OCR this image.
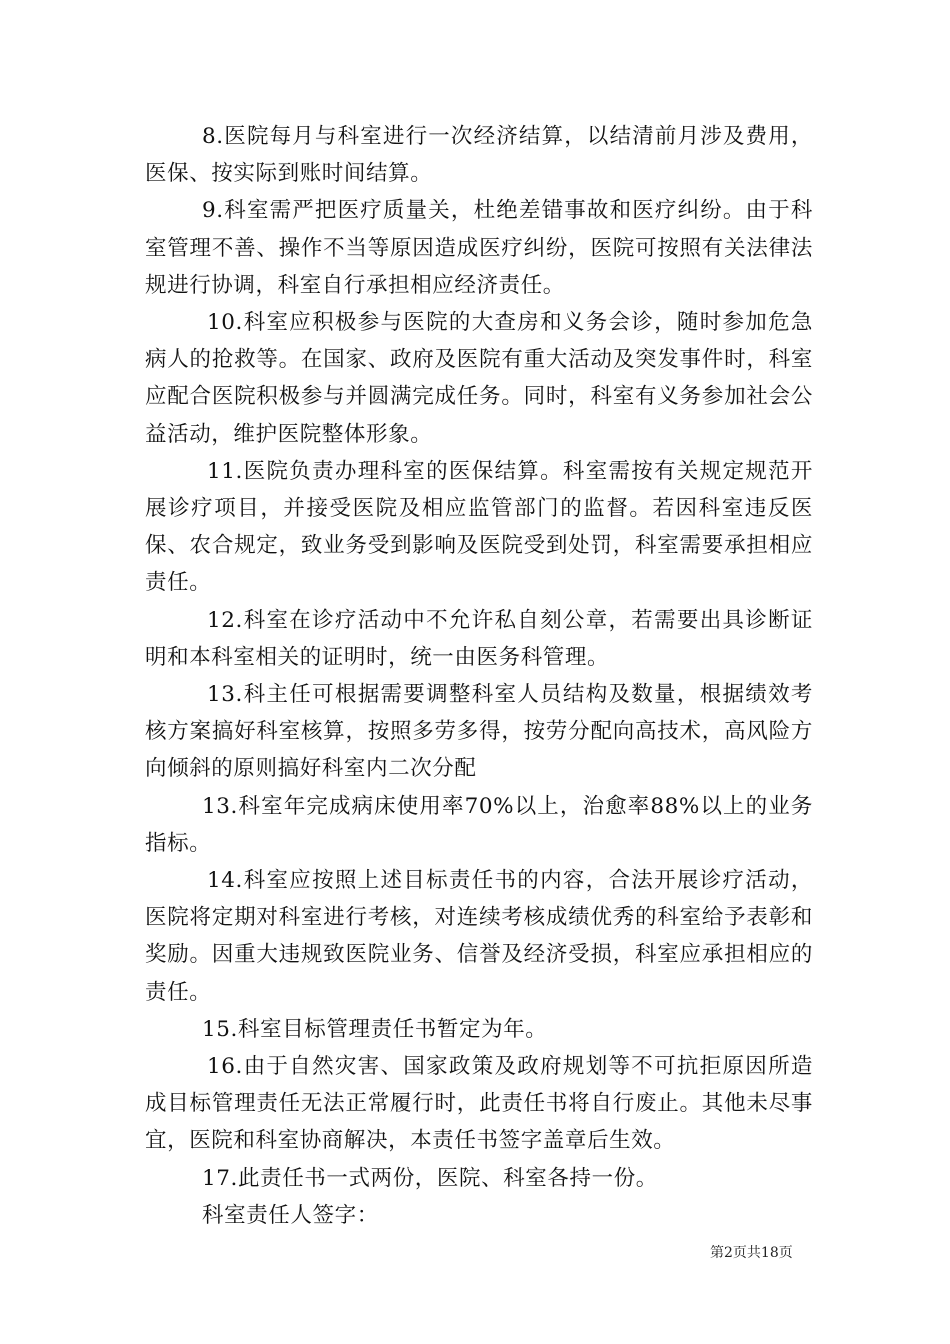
8.医院每月与科室进行一次经济结算，以结清前月涉及费用，医保、按实际到账时间结算。

9.科室需严把医疗质量关，杜绝差错事故和医疗纠纷。由于科室管理不善、操作不当等原因造成医疗纠纷，医院可按照有关法律法规进行协调，科室自行承担相应经济责任。

10.科室应积极参与医院的大查房和义务会诊，随时参加危急病人的抢救等。在国家、政府及医院有重大活动及突发事件时，科室应配合医院积极参与并圆满完成任务。同时，科室有义务参加社会公益活动，维护医院整体形象。

11.医院负责办理科室的医保结算。科室需按有关规定规范开展诊疗项目，并接受医院及相应监管部门的监督。若因科室违反医保、农合规定，致业务受到影响及医院受到处罚，科室需要承担相应责任。

12.科室在诊疗活动中不允许私自刻公章，若需要出具诊断证明和本科室相关的证明时，统一由医务科管理。

13.科主任可根据需要调整科室人员结构及数量，根据绩效考核方案搞好科室核算，按照多劳多得，按劳分配向高技术，高风险方向倾斜的原则搞好科室内二次分配

13.科室年完成病床使用率70%以上，治愈率88%以上的业务指标。

14.科室应按照上述目标责任书的内容，合法开展诊疗活动，医院将定期对科室进行考核，对连续考核成绩优秀的科室给予表彰和奖励。因重大违规致医院业务、信誉及经济受损，科室应承担相应的责任。

15.科室目标管理责任书暂定为年。

16.由于自然灾害、国家政策及政府规划等不可抗拒原因所造成目标管理责任无法正常履行时，此责任书将自行废止。其他未尽事宜，医院和科室协商解决，本责任书签字盖章后生效。

17.此责任书一式两份，医院、科室各持一份。

科室责任人签字：

第2页共18页
